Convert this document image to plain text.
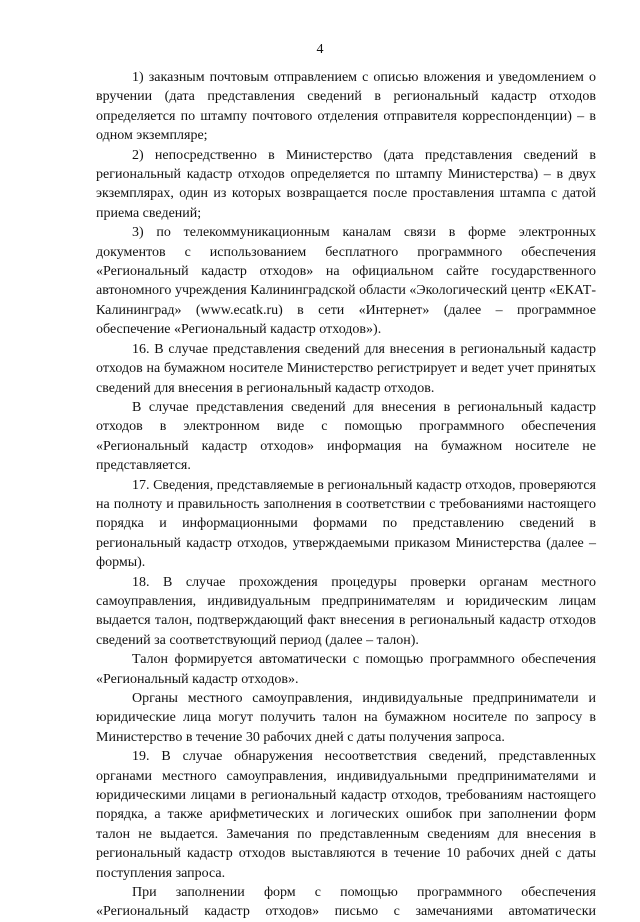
4

1) заказным почтовым отправлением с описью вложения и уведомлением о вручении (дата представления сведений в региональный кадастр отходов определяется по штампу почтового отделения отправителя корреспонденции) – в одном экземпляре;

2) непосредственно в Министерство (дата представления сведений в региональный кадастр отходов определяется по штампу Министерства) – в двух экземплярах, один из которых возвращается после проставления штампа с датой приема сведений;

3) по телекоммуникационным каналам связи в форме электронных документов с использованием бесплатного программного обеспечения «Региональный кадастр отходов» на официальном сайте государственного автономного учреждения Калининградской области «Экологический центр «ЕКАТ-Калининград» (www.ecatk.ru) в сети «Интернет» (далее – программное обеспечение «Региональный кадастр отходов»).

16. В случае представления сведений для внесения в региональный кадастр отходов на бумажном носителе Министерство регистрирует и ведет учет принятых сведений для внесения в региональный кадастр отходов.

В случае представления сведений для внесения в региональный кадастр отходов в электронном виде с помощью программного обеспечения «Региональный кадастр отходов» информация на бумажном носителе не представляется.

17. Сведения, представляемые в региональный кадастр отходов, проверяются на полноту и правильность заполнения в соответствии с требованиями настоящего порядка и информационными формами по представлению сведений в региональный кадастр отходов, утверждаемыми приказом Министерства (далее – формы).

18. В случае прохождения процедуры проверки органам местного самоуправления, индивидуальным предпринимателям и юридическим лицам выдается талон, подтверждающий факт внесения в региональный кадастр отходов сведений за соответствующий период (далее – талон).

Талон формируется автоматически с помощью программного обеспечения «Региональный кадастр отходов».

Органы местного самоуправления, индивидуальные предприниматели и юридические лица могут получить талон на бумажном носителе по запросу в Министерство в течение 30 рабочих дней с даты получения запроса.

19. В случае обнаружения несоответствия сведений, представленных органами местного самоуправления, индивидуальными предпринимателями и юридическими лицами в региональный кадастр отходов, требованиям настоящего порядка, а также арифметических и логических ошибок при заполнении форм талон не выдается. Замечания по представленным сведениям для внесения в региональный кадастр отходов выставляются в течение 10 рабочих дней с даты поступления запроса.

При заполнении форм с помощью программного обеспечения «Региональный кадастр отходов» письмо с замечаниями автоматически
